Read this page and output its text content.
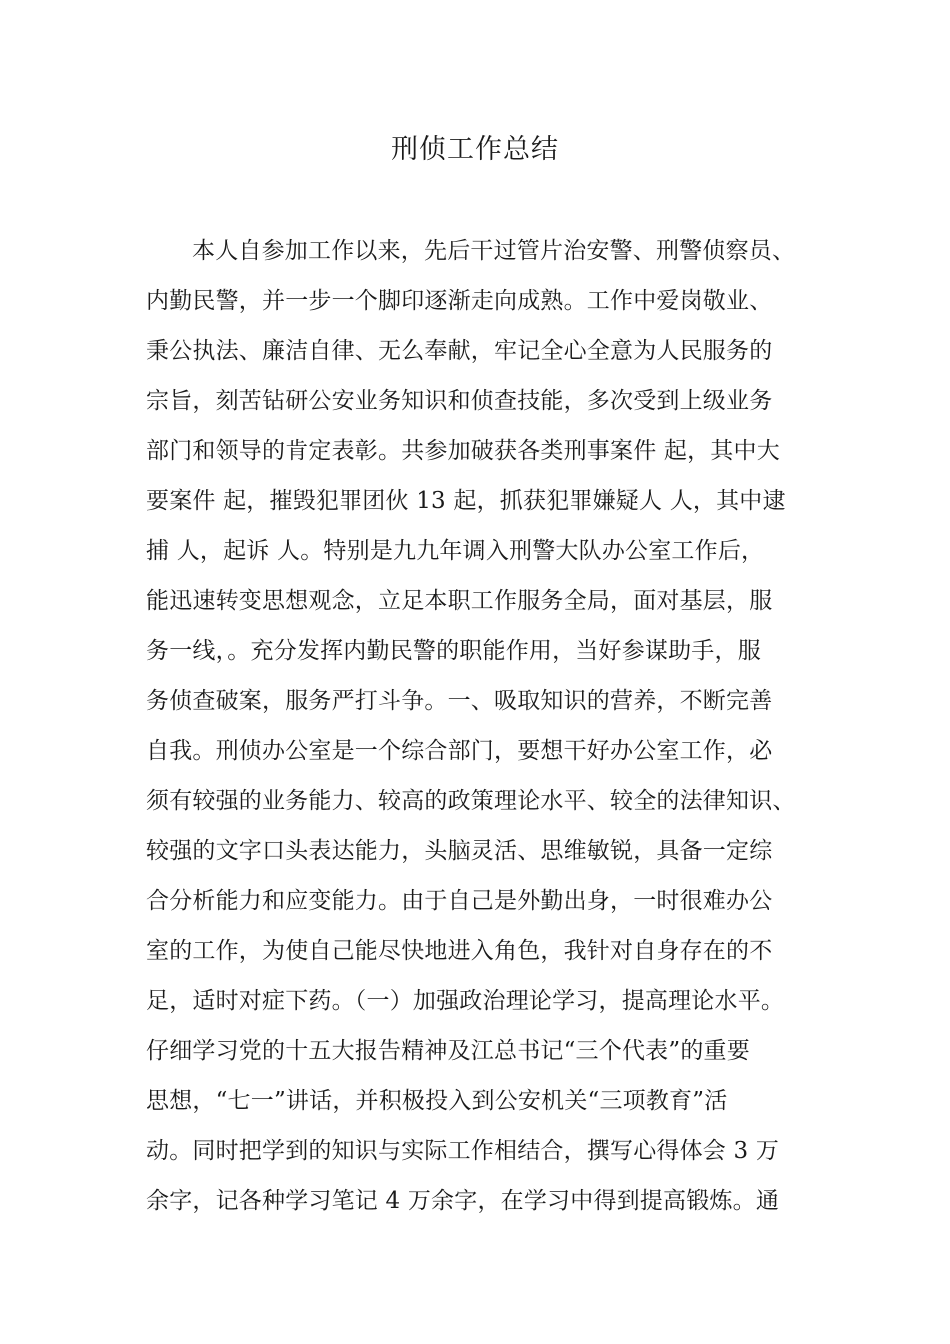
刑侦工作总结
本人自参加工作以来，先后干过管片治安警、刑警侦察员、
内勤民警，并一步一个脚印逐渐走向成熟。工作中爱岗敬业、
秉公执法、廉洁自律、无么奉献，牢记全心全意为人民服务的
宗旨，刻苦钻研公安业务知识和侦查技能，多次受到上级业务
部门和领导的肯定表彰。共参加破获各类刑事案件 起，其中大
要案件 起，摧毁犯罪团伙 13 起，抓获犯罪嫌疑人 人，其中逮
捕 人，起诉 人。特别是九九年调入刑警大队办公室工作后，
能迅速转变思想观念，立足本职工作服务全局，面对基层，服
务一线，。充分发挥内勤民警的职能作用，当好参谋助手，服
务侦查破案，服务严打斗争。一、吸取知识的营养，不断完善
自我。刑侦办公室是一个综合部门，要想干好办公室工作，必
须有较强的业务能力、较高的政策理论水平、较全的法律知识、
较强的文字口头表达能力，头脑灵活、思维敏锐，具备一定综
合分析能力和应变能力。由于自己是外勤出身，一时很难办公
室的工作，为使自己能尽快地进入角色，我针对自身存在的不
足，适时对症下药。（一）加强政治理论学习，提高理论水平。
仔细学习党的十五大报告精神及江总书记“三个代表”的重要
思想，“七一”讲话，并积极投入到公安机关“三项教育”活
动。同时把学到的知识与实际工作相结合，撰写心得体会 3 万
余字，记各种学习笔记 4 万余字，在学习中得到提高锻炼。通
